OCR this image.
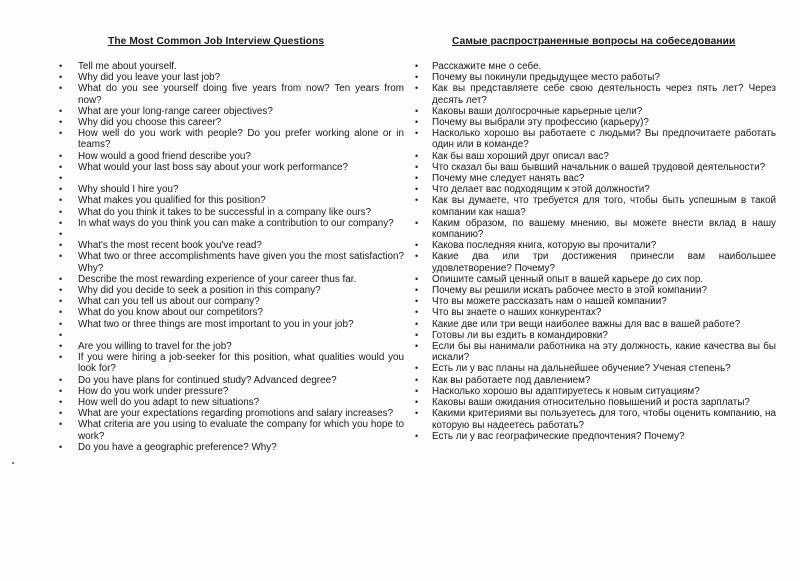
The Most Common Job Interview Questions
• Tell me about yourself.
• Why did you leave your last job?
• What do you see yourself doing five years from now? Ten years from now?
• What are your long-range career objectives?
• Why did you choose this career?
• How well do you work with people? Do you prefer working alone or in teams?
• How would a good friend describe you?
• What would your last boss say about your work performance?
•
• Why should I hire you?
• What makes you qualified for this position?
• What do you think it takes to be successful in a company like ours?
• In what ways do you think you can make a contribution to our company?
•
• What's the most recent book you've read?
• What two or three accomplishments have given you the most satisfaction? Why?
• Describe the most rewarding experience of your career thus far.
• Why did you decide to seek a position in this company?
• What can you tell us about our company?
• What do you know about our competitors?
• What two or three things are most important to you in your job?
•
• Are you willing to travel for the job?
• If you were hiring a job-seeker for this position, what qualities would you look for?
• Do you have plans for continued study? Advanced degree?
• How do you work under pressure?
• How well do you adapt to new situations?
• What are your expectations regarding promotions and salary increases?
• What criteria are you using to evaluate the company for which you hope to work?
• Do you have a geographic preference? Why?
Самые распространенные вопросы на собеседовании
• Расскажите мне о себе.
• Почему вы покинули предыдущее место работы?
• Как вы представляете себе свою деятельность через пять лет? Через десять лет?
• Каковы ваши долгосрочные карьерные цели?
• Почему вы выбрали эту профессию (карьеру)?
• Насколько хорошо вы работаете с людьми? Вы предпочитаете работать один или в команде?
• Как бы ваш хороший друг описал вас?
• Что сказал бы ваш бывший начальник о вашей трудовой деятельности?
• Почему мне следует нанять вас?
• Что делает вас подходящим к этой должности?
• Как вы думаете, что требуется для того, чтобы быть успешным в такой компании как наша?
• Каким образом, по вашему мнению, вы можете внести вклад в нашу компанию?
• Какова последняя книга, которую вы прочитали?
• Какие два или три достижения принесли вам наибольшее удовлетворение? Почему?
• Опишите самый ценный опыт в вашей карьере до сих пор.
• Почему вы решили искать рабочее место в этой компании?
• Что вы можете рассказать нам о нашей компании?
• Что вы знаете о наших конкурентах?
• Какие две или три вещи наиболее важны для вас в вашей работе?
• Готовы ли вы ездить в командировки?
• Если бы вы нанимали работника на эту должность, какие качества вы бы искали?
• Есть ли у вас планы на дальнейшее обучение? Ученая степень?
• Как вы работаете под давлением?
• Насколько хорошо вы адаптируетесь к новым ситуациям?
• Каковы ваши ожидания относительно повышений и роста зарплаты?
• Какими критериями вы пользуетесь для того, чтобы оценить компанию, на которую вы надеетесь работать?
• Есть ли у вас географические предпочтения? Почему?
